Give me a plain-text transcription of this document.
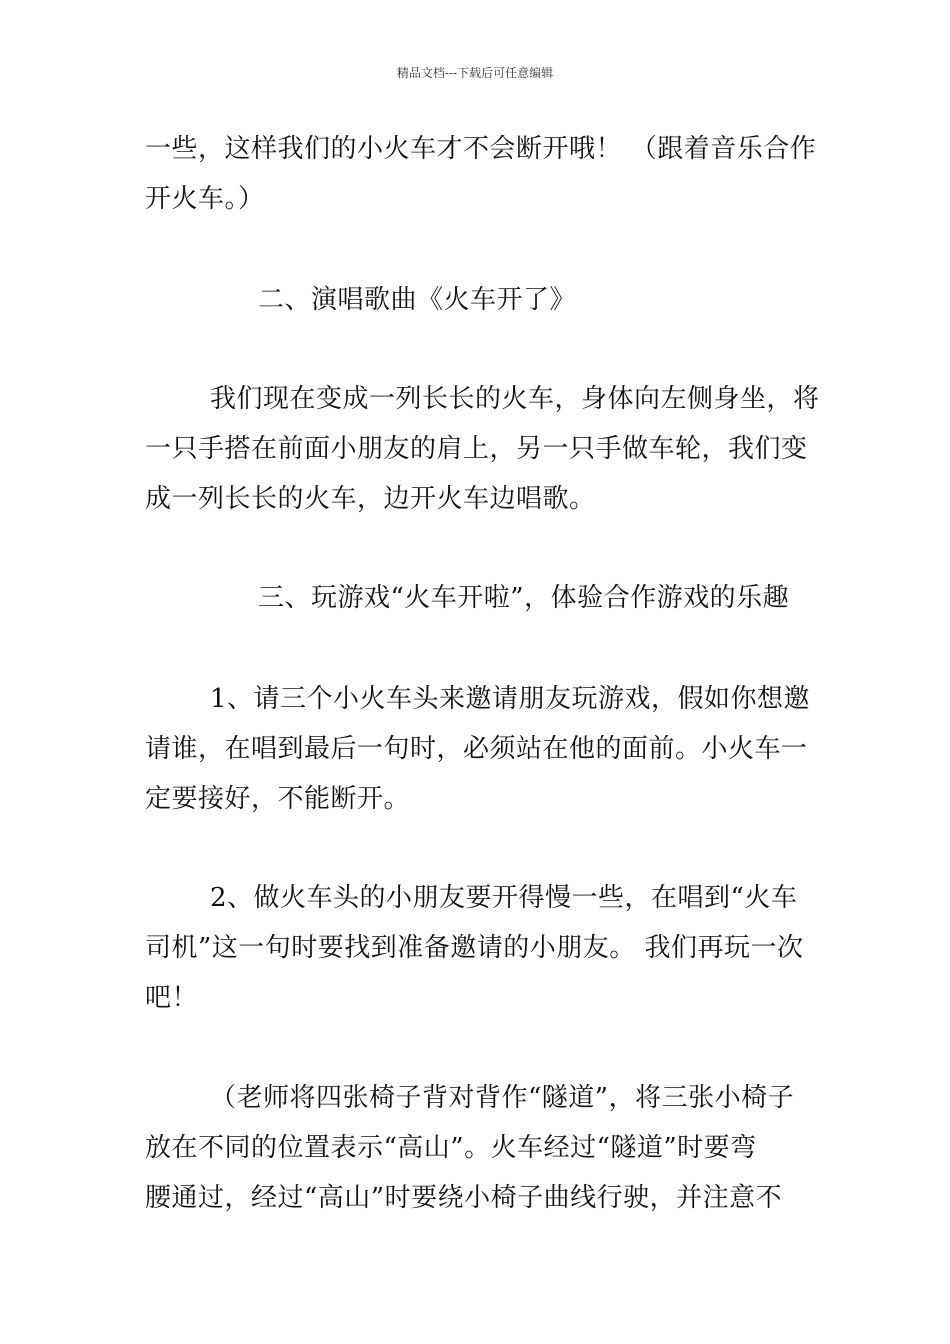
精品文档---下载后可任意编辑
一些，这样我们的小火车才不会断开哦！ （跟着音乐合作
开火车。）
二、演唱歌曲《火车开了》
我们现在变成一列长长的火车，身体向左侧身坐，将
一只手搭在前面小朋友的肩上，另一只手做车轮，我们变
成一列长长的火车，边开火车边唱歌。
三、玩游戏“火车开啦”，体验合作游戏的乐趣
1、请三个小火车头来邀请朋友玩游戏，假如你想邀
请谁，在唱到最后一句时，必须站在他的面前。小火车一
定要接好，不能断开。
2、做火车头的小朋友要开得慢一些，在唱到“火车
司机”这一句时要找到准备邀请的小朋友。 我们再玩一次
吧！
（老师将四张椅子背对背作“隧道”，将三张小椅子
放在不同的位置表示“高山”。火车经过“隧道”时要弯
腰通过，经过“高山”时要绕小椅子曲线行驶，并注意不
